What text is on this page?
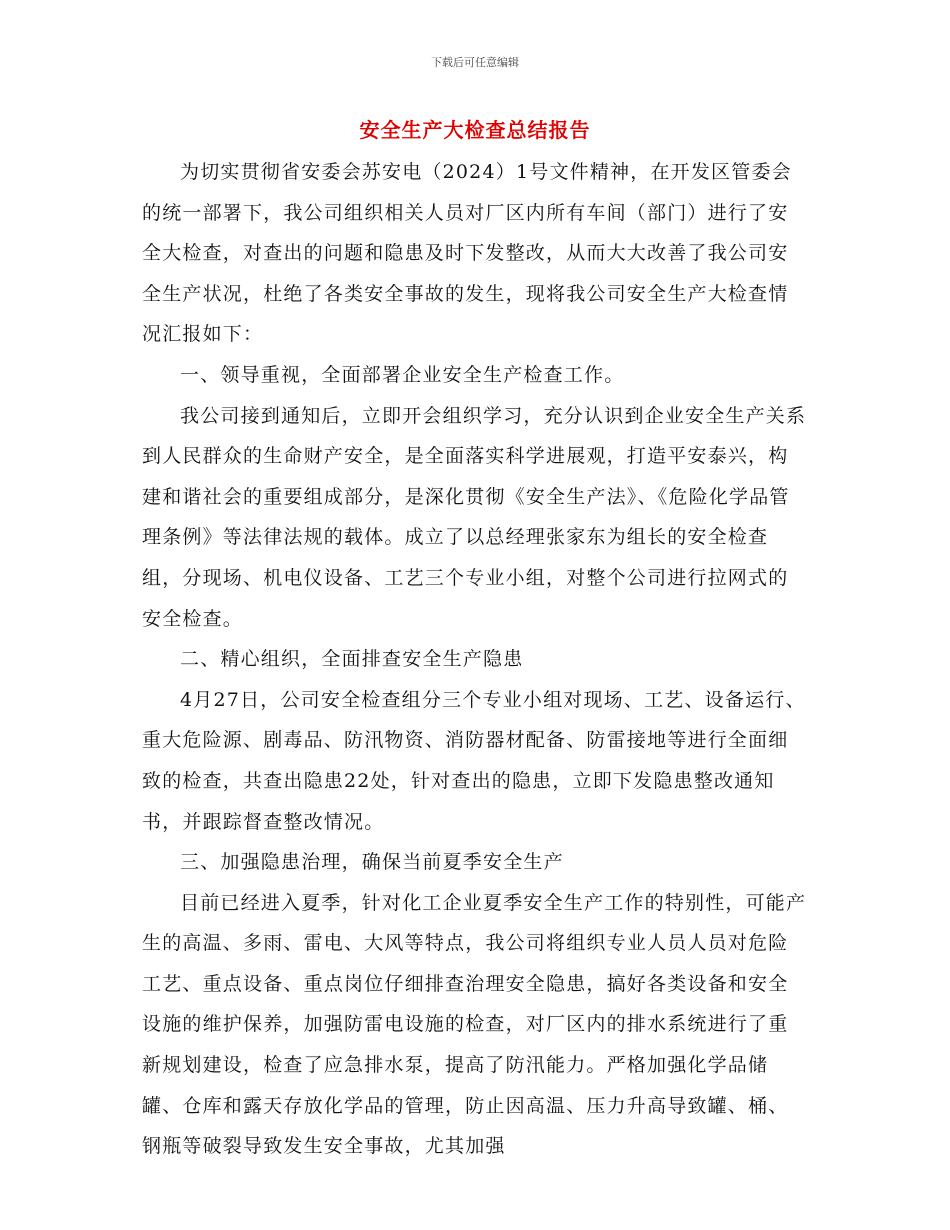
下载后可任意编辑
安全生产大检查总结报告

为切实贯彻省安委会苏安电（2024）1号文件精神，在开发区管委会的统一部署下，我公司组织相关人员对厂区内所有车间（部门）进行了安全大检查，对查出的问题和隐患及时下发整改，从而大大改善了我公司安全生产状况，杜绝了各类安全事故的发生，现将我公司安全生产大检查情况汇报如下：

一、领导重视，全面部署企业安全生产检查工作。

我公司接到通知后，立即开会组织学习，充分认识到企业安全生产关系到人民群众的生命财产安全，是全面落实科学进展观，打造平安泰兴，构建和谐社会的重要组成部分，是深化贯彻《安全生产法》、《危险化学品管理条例》等法律法规的载体。成立了以总经理张家东为组长的安全检查组，分现场、机电仪设备、工艺三个专业小组，对整个公司进行拉网式的安全检查。

二、精心组织，全面排查安全生产隐患

4月27日，公司安全检查组分三个专业小组对现场、工艺、设备运行、重大危险源、剧毒品、防汛物资、消防器材配备、防雷接地等进行全面细致的检查，共查出隐患22处，针对查出的隐患，立即下发隐患整改通知书，并跟踪督查整改情况。

三、加强隐患治理，确保当前夏季安全生产

目前已经进入夏季，针对化工企业夏季安全生产工作的特别性，可能产生的高温、多雨、雷电、大风等特点，我公司将组织专业人员人员对危险工艺、重点设备、重点岗位仔细排查治理安全隐患，搞好各类设备和安全设施的维护保养，加强防雷电设施的检查，对厂区内的排水系统进行了重新规划建设，检查了应急排水泵，提高了防汛能力。严格加强化学品储罐、仓库和露天存放化学品的管理，防止因高温、压力升高导致罐、桶、钢瓶等破裂导致发生安全事故，尤其加强
